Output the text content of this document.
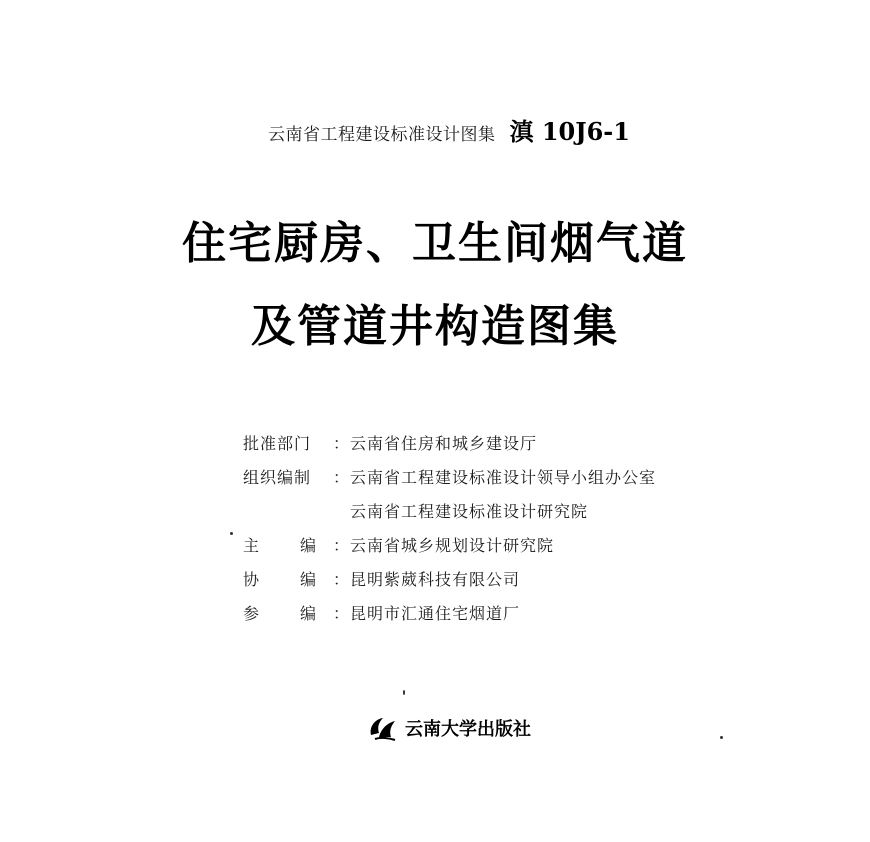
云南省工程建设标准设计图集 滇 10J6-1
住宅厨房、卫生间烟气道
及管道井构造图集
批准部门	：云南省住房和城乡建设厅
组织编制	：云南省工程建设标准设计领导小组办公室
　云南省工程建设标准设计研究院
主	编 ：云南省城乡规划设计研究院
协	编 ：昆明紫葳科技有限公司
参	编 ：昆明市汇通住宅烟道厂
云南大学出版社
